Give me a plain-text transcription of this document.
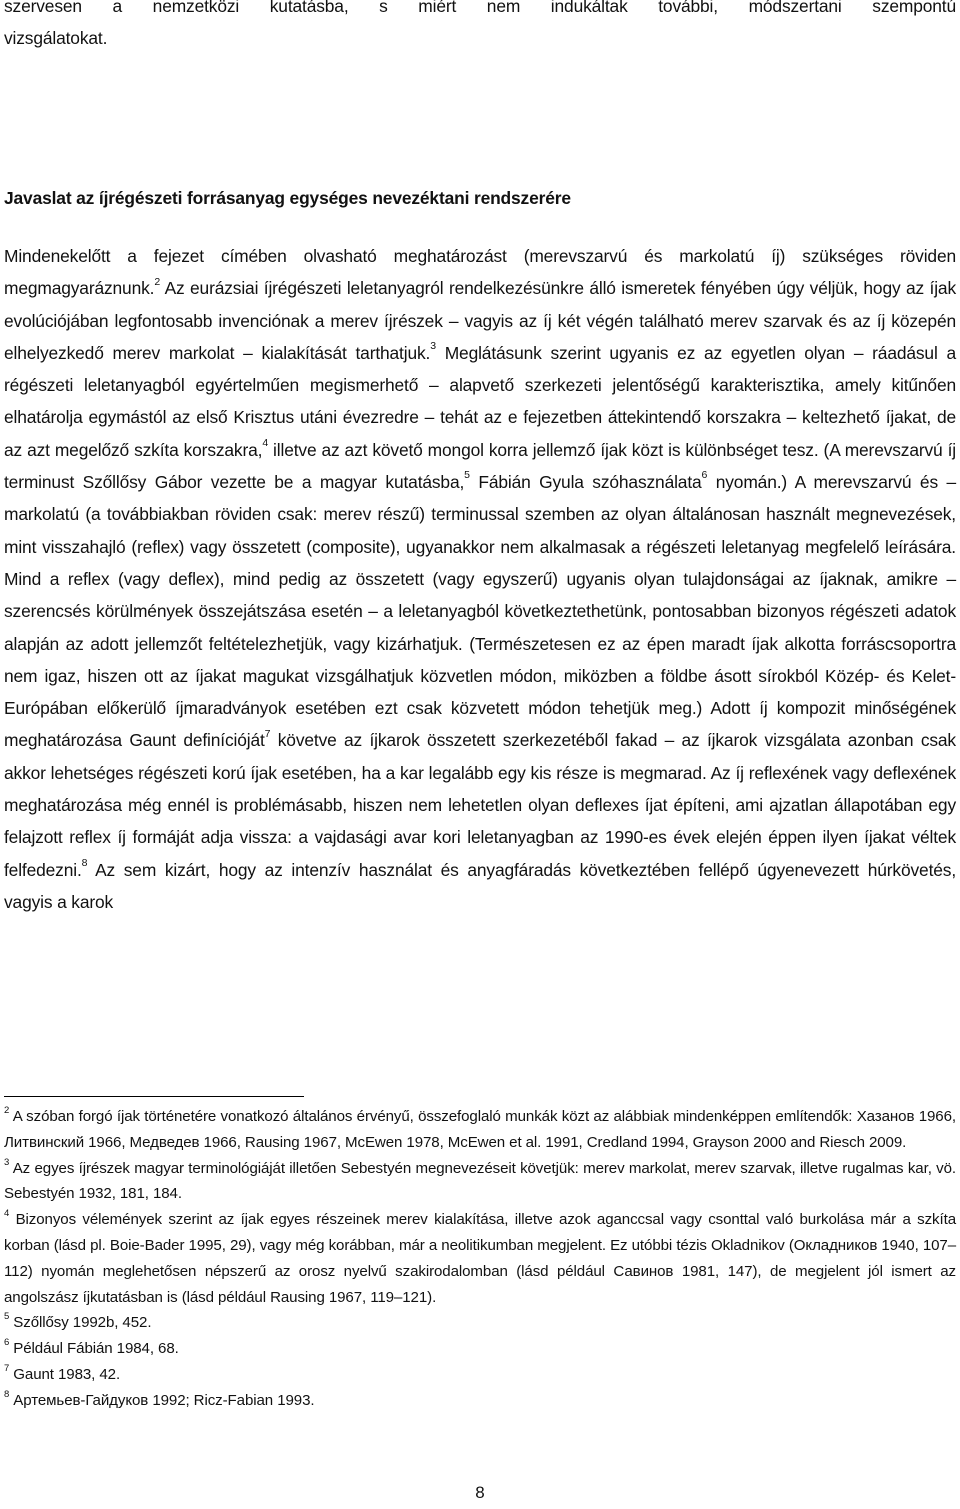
szervesen a nemzetközi kutatásba, s miért nem indukáltak további, módszertani szempontú

vizsgálatokat.

Javaslat az íjrégészeti forrásanyag egységes nevezéktani rendszerére

Mindenekelőtt a fejezet címében olvasható meghatározást (merevszarvú és markolatú íj) szükséges röviden megmagyaráznunk.$^2$ Az eurázsiai íjrégészeti leletanyagról rendelkezésünkre álló ismeretek fényében úgy véljük, hogy az íjak evolúciójában legfontosabb invenciónak a merev íjrészek – vagyis az íj két végén található merev szarvak és az íj közepén elhelyezkedő merev markolat – kialakítását tarthatjuk.$^3$ Meglátásunk szerint ugyanis ez az egyetlen olyan – ráadásul a régészeti leletanyagból egyértelműen megismerhető – alapvető szerkezeti jelentőségű karakterisztika, amely kitűnően elhatárolja egymástól az első Krisztus utáni évezredre – tehát az e fejezetben áttekintendő korszakra – keltezhető íjakat, de az azt megelőző szkíta korszakra,$^4$ illetve az azt követő mongol korra jellemző íjak közt is különbséget tesz. (A merevszarvú íj terminust Szőllősy Gábor vezette be a magyar kutatásba,$^5$ Fábián Gyula szóhasználata$^6$ nyomán.) A merevszarvú és –markolatú (a továbbiakban röviden csak: merev részű) terminussal szemben az olyan általánosan használt megnevezések, mint visszahajló (reflex) vagy összetett (composite), ugyanakkor nem alkalmasak a régészeti leletanyag megfelelő leírására. Mind a reflex (vagy deflex), mind pedig az összetett (vagy egyszerű) ugyanis olyan tulajdonságai az íjaknak, amikre – szerencsés körülmények összejátszása esetén – a leletanyagból következtethetünk, pontosabban bizonyos régészeti adatok alapján az adott jellemzőt feltételezhetjük, vagy kizárhatjuk. (Természetesen ez az épen maradt íjak alkotta forráscsoportra nem igaz, hiszen ott az íjakat magukat vizsgálhatjuk közvetlen módon, miközben a földbe ásott sírokból Közép- és Kelet-Európában előkerülő íjmaradványok esetében ezt csak közvetett módon tehetjük meg.) Adott íj kompozit minőségének meghatározása Gaunt definícióját$^7$ követve az íjkarok összetett szerkezetéből fakad – az íjkarok vizsgálata azonban csak akkor lehetséges régészeti korú íjak esetében, ha a kar legalább egy kis része is megmarad. Az íj reflexének vagy deflexének meghatározása még ennél is problémásabb, hiszen nem lehetetlen olyan deflexes íjat építeni, ami ajzatlan állapotában egy felajzott reflex íj formáját adja vissza: a vajdasági avar kori leletanyagban az 1990-es évek elején éppen ilyen íjakat véltek felfedezni.$^8$ Az sem kizárt, hogy az intenzív használat és anyagfáradás következtében fellépő úgyenevezett húrkövetés, vagyis a karok

$^2$ A szóban forgó íjak történetére vonatkozó általános érvényű, összefoglaló munkák közt az alábbiak mindenképpen említendők: Хазанов 1966, Литвинский 1966, Медведев 1966, Rausing 1967, McEwen 1978, McEwen et al. 1991, Credland 1994, Grayson 2000 and Riesch 2009.

$^3$ Az egyes íjrészek magyar terminológiáját illetően Sebestyén megnevezéseit követjük: merev markolat, merev szarvak, illetve rugalmas kar, vö. Sebestyén 1932, 181, 184.

$^4$ Bizonyos vélemények szerint az íjak egyes részeinek merev kialakítása, illetve azok aganccsal vagy csonttal való burkolása már a szkíta korban (lásd pl. Boie-Bader 1995, 29), vagy még korábban, már a neolitikumban megjelent. Ez utóbbi tézis Okladnikov (Окладников 1940, 107–112) nyomán meglehetősen népszerű az orosz nyelvű szakirodalomban (lásd például Савинов 1981, 147), de megjelent jól ismert az angolszász íjkutatásban is (lásd például Rausing 1967, 119–121).

$^5$ Szőllősy 1992b, 452.

$^6$ Például Fábián 1984, 68.

$^7$ Gaunt 1983, 42.

$^8$ Артемьев-Гайдуков 1992; Ricz-Fabian 1993.

8
